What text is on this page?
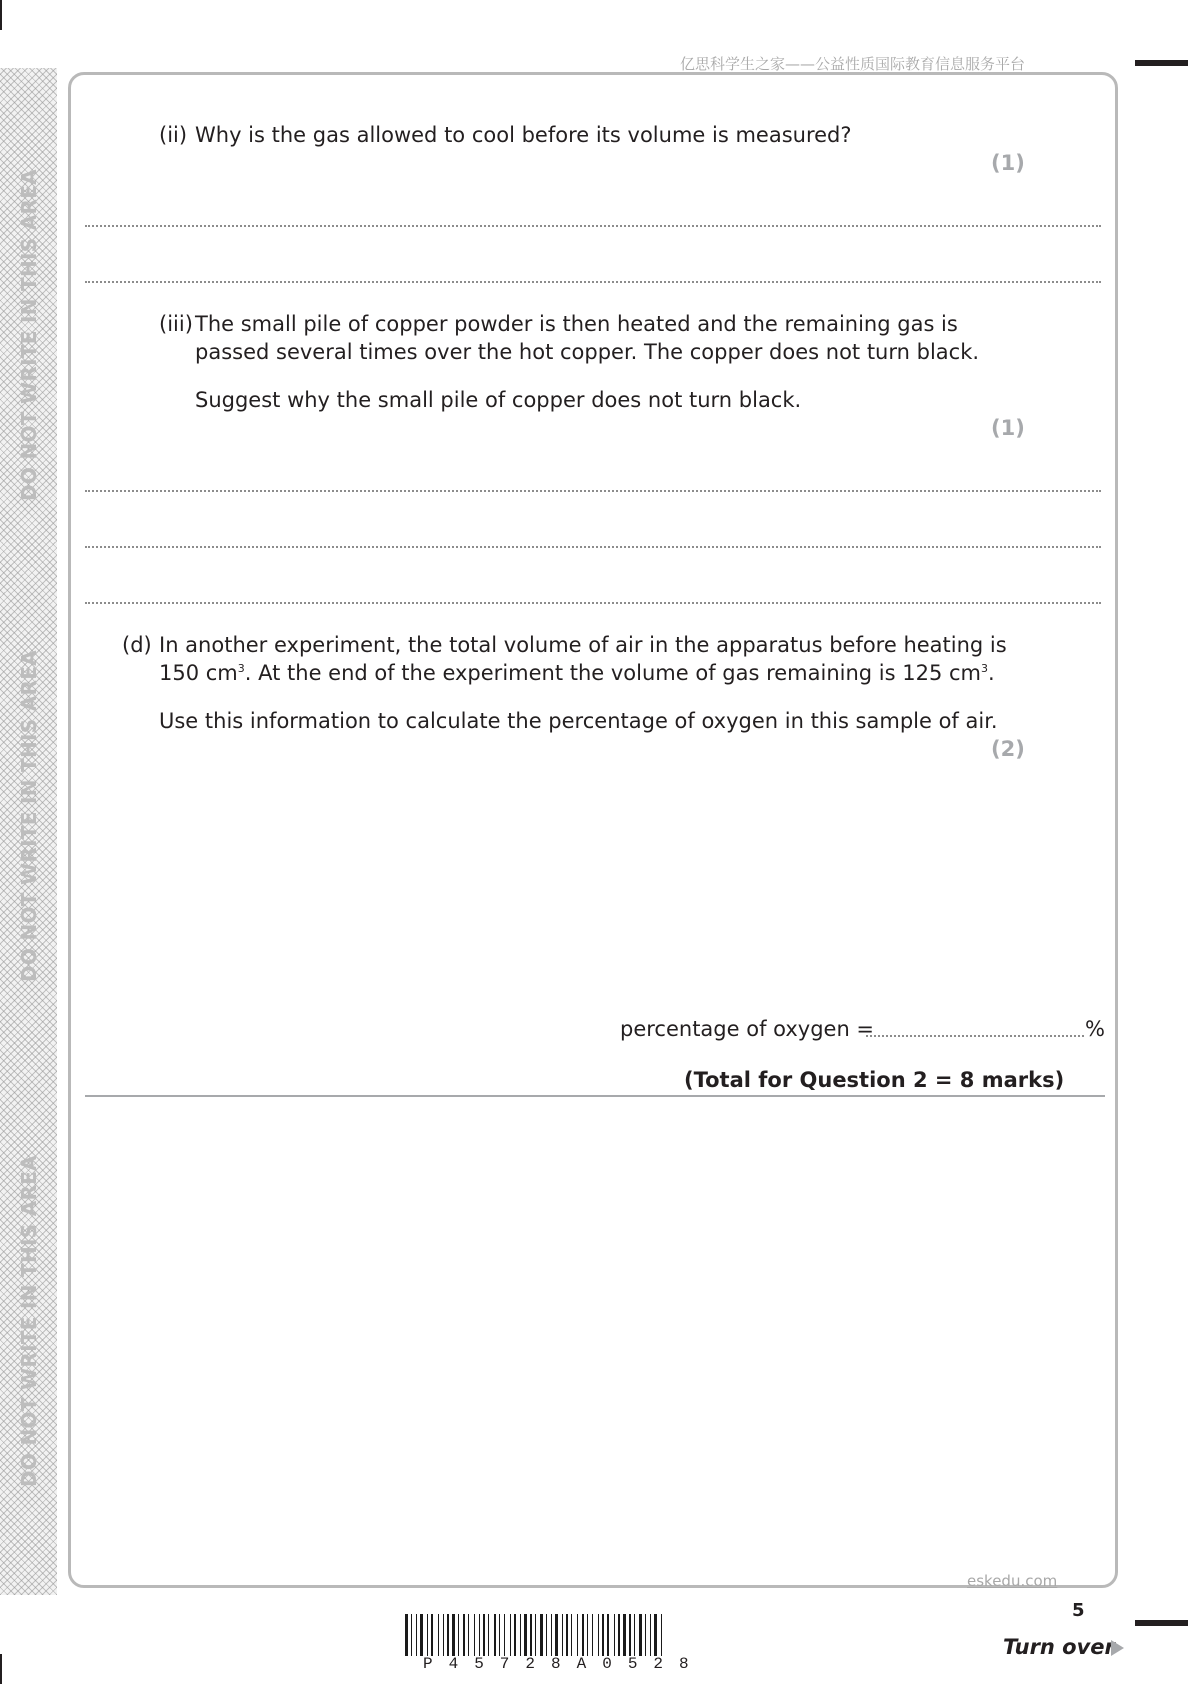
DO NOT WRITE IN THIS AREA
DO NOT WRITE IN THIS AREA
DO NOT WRITE IN THIS AREA
亿思科学生之家——公益性质国际教育信息服务平台
(ii) Why is the gas allowed to cool before its volume is measured?
(1)
(iii) The small pile of copper powder is then heated and the remaining gas is
passed several times over the hot copper. The copper does not turn black.
Suggest why the small pile of copper does not turn black.
(1)
(d) In another experiment, the total volume of air in the apparatus before heating is
150 $cm^3$. At the end of the experiment the volume of gas remaining is 125 $cm^3$.
Use this information to calculate the percentage of oxygen in this sample of air.
(2)
percentage of oxygen =	%
(Total for Question 2 = 8 marks)
eskedu.com
5
P45728A0528
Turn over
